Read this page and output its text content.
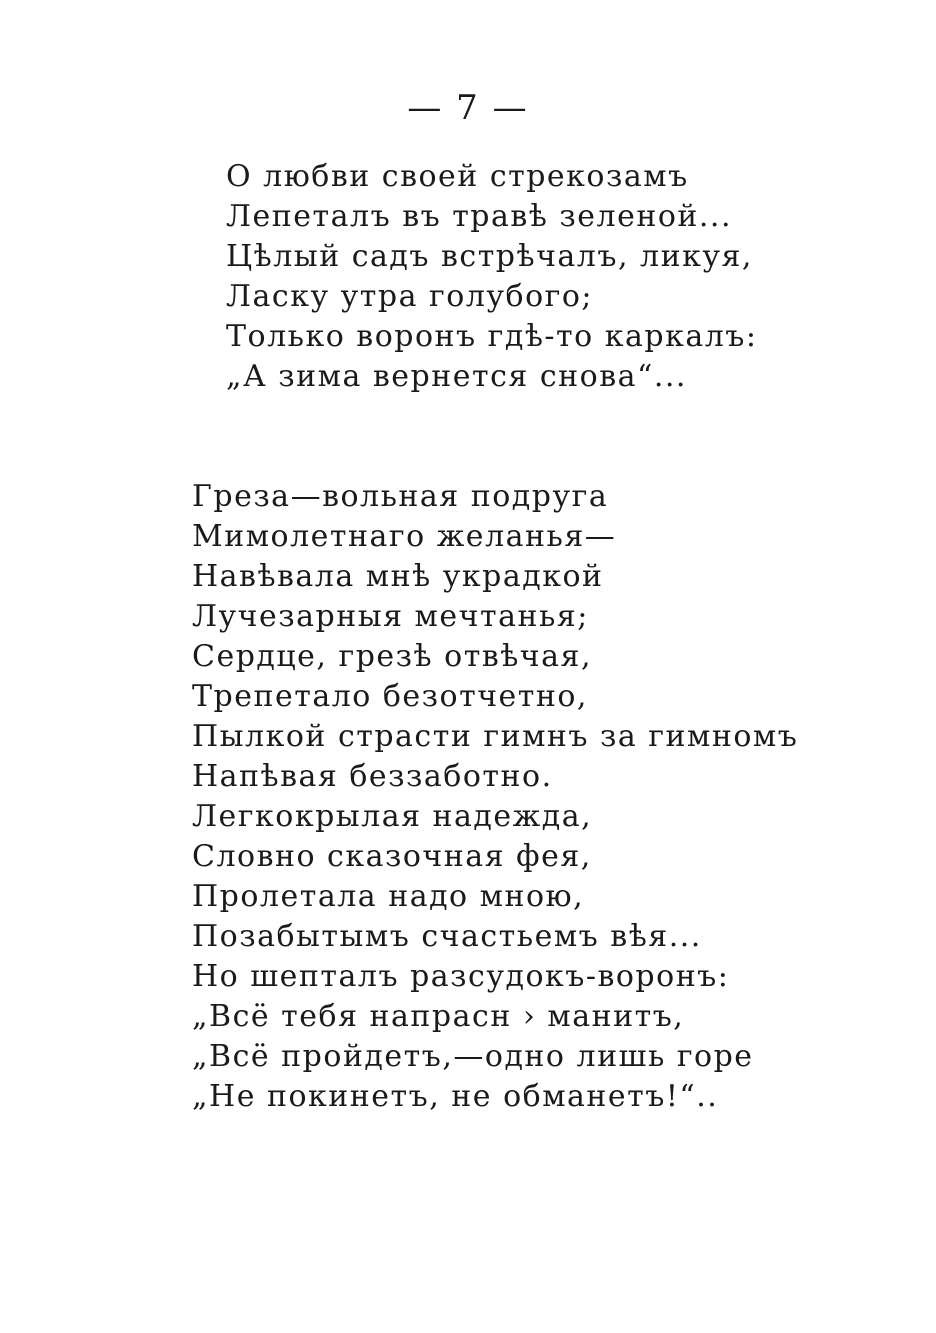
— 7 —
О любви своей стрекозамъ
Лепеталъ въ травѣ зеленой...
Цѣлый садъ встрѣчалъ, ликуя,
Ласку утра голубого;
Только воронъ гдѣ-то каркалъ:
„А зима вернется снова“...
Греза—вольная подруга
Мимолетнаго желанья—
Навѣвала мнѣ украдкой
Лучезарныя мечтанья;
Сердце, грезѣ отвѣчая,
Трепетало безотчетно,
Пылкой страсти гимнъ за гимномъ
Напѣвая беззаботно.
Легкокрылая надежда,
Словно сказочная фея,
Пролетала надо мною,
Позабытымъ счастьемъ вѣя...
Но шепталъ разсудокъ-воронъ:
„Всё тебя напрасн › манитъ,
„Всё пройдетъ,—одно лишь горе
„Не покинетъ, не обманетъ!“..
